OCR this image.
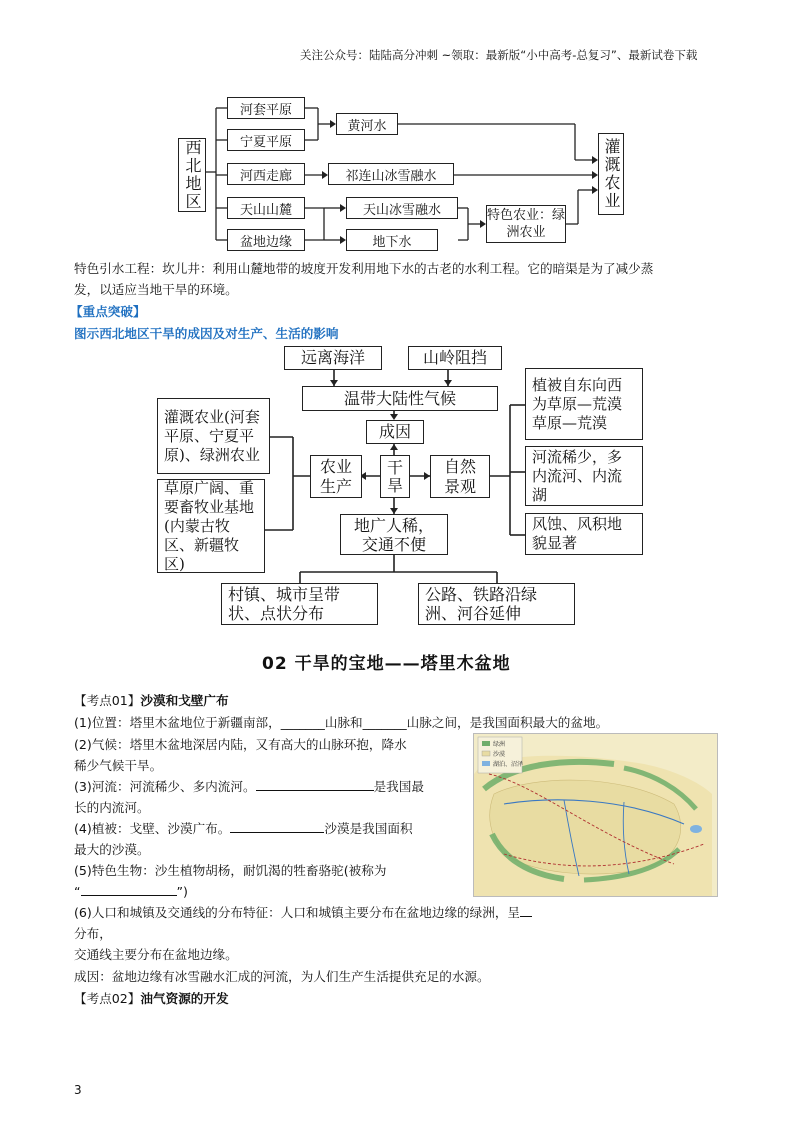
关注公众号：陆陆高分冲刺 ~领取：最新版“小中高考-总复习”、最新试卷下载
西北地区
河套平原
宁夏平原
河西走廊
天山山麓
盆地边缘
黄河水
祁连山冰雪融水
天山冰雪融水
地下水
特色农业：绿洲农业
灌溉农业
特色引水工程：坎儿井：利用山麓地带的坡度开发利用地下水的古老的水利工程。它的暗渠是为了减少蒸
发，以适应当地干旱的环境。
【重点突破】
图示西北地区干旱的成因及对生产、生活的影响
远离海洋	山岭阻挡
温带大陆性气候
成因
干旱
农业生产
自然景观
灌溉农业(河套平原、宁夏平原)、绿洲农业
草原广阔、重要畜牧业基地(内蒙古牧区、新疆牧区)
植被自东向西为草原—荒漠草原—荒漠
河流稀少，多内流河、内流湖
风蚀、风积地貌显著
地广人稀，交通不便
村镇、城市呈带状、点状分布
公路、铁路沿绿洲、河谷延伸
02 干旱的宝地——塔里木盆地
【考点01】沙漠和戈壁广布
(1)位置：塔里木盆地位于新疆南部，_______山脉和_______山脉之间，是我国面积最大的盆地。
(2)气候：塔里木盆地深居内陆，又有高大的山脉环抱，降水
稀少气候干旱。
(3)河流：河流稀少、多内流河。	是我国最
长的内流河。
(4)植被：戈壁、沙漠广布。	沙漠是我国面积
最大的沙漠。
(5)特色生物：沙生植物胡杨，耐饥渴的牲畜骆驼(被称为
“	”)
(6)人口和城镇及交通线的分布特征：人口和城镇主要分布在盆地边缘的绿洲，呈
分布，
交通线主要分布在盆地边缘。
成因：盆地边缘有冰雪融水汇成的河流，为人们生产生活提供充足的水源。
【考点02】油气资源的开发
绿洲
沙漠
湖泊、沼泽
3
